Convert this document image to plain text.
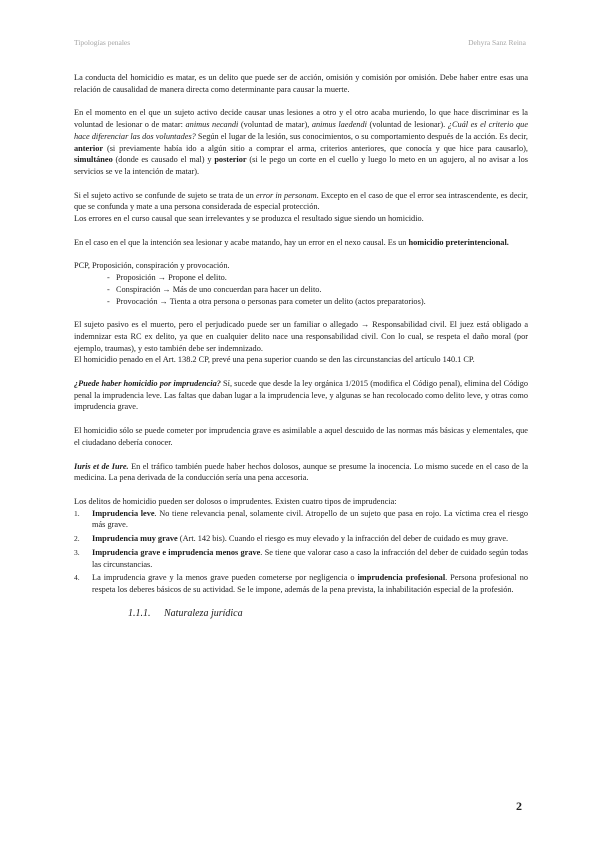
Tipologías penales	Dehyra Sanz Reina

La conducta del homicidio es matar, es un delito que puede ser de acción, omisión y comisión por omisión. Debe haber entre esas una relación de causalidad de manera directa como determinante para causar la muerte.

En el momento en el que un sujeto activo decide causar unas lesiones a otro y el otro acaba muriendo, lo que hace discriminar es la voluntad de lesionar o de matar: animus necandi (voluntad de matar), animus laedendi (voluntad de lesionar). ¿Cuál es el criterio que hace diferenciar las dos voluntades? Según el lugar de la lesión, sus conocimientos, o su comportamiento después de la acción. Es decir, anterior (si previamente había ido a algún sitio a comprar el arma, criterios anteriores, que conocía y que hice para causarlo), simultáneo (donde es causado el mal) y posterior (si le pego un corte en el cuello y luego lo meto en un agujero, al no avisar a los servicios se ve la intención de matar).

Si el sujeto activo se confunde de sujeto se trata de un error in personam. Excepto en el caso de que el error sea intrascendente, es decir, que se confunda y mate a una persona considerada de especial protección.

Los errores en el curso causal que sean irrelevantes y se produzca el resultado sigue siendo un homicidio.

En el caso en el que la intención sea lesionar y acabe matando, hay un error en el nexo causal. Es un homicidio preterintencional.

PCP, Proposición, conspiración y provocación.

- Proposición → Propone el delito.
- Conspiración → Más de uno concuerdan para hacer un delito.
- Provocación → Tienta a otra persona o personas para cometer un delito (actos preparatorios).

El sujeto pasivo es el muerto, pero el perjudicado puede ser un familiar o allegado → Responsabilidad civil. El juez está obligado a indemnizar esta RC ex delito, ya que en cualquier delito nace una responsabilidad civil. Con lo cual, se respeta el daño moral (por ejemplo, traumas), y esto también debe ser indemnizado.

El homicidio penado en el Art. 138.2 CP, prevé una pena superior cuando se den las circunstancias del artículo 140.1 CP.

¿Puede haber homicidio por imprudencia? Sí, sucede que desde la ley orgánica 1/2015 (modifica el Código penal), elimina del Código penal la imprudencia leve. Las faltas que daban lugar a la imprudencia leve, y algunas se han recolocado como delito leve, y otras como imprudencia grave.

El homicidio sólo se puede cometer por imprudencia grave es asimilable a aquel descuido de las normas más básicas y elementales, que el ciudadano debería conocer.

Iuris et de Iure. En el tráfico también puede haber hechos dolosos, aunque se presume la inocencia. Lo mismo sucede en el caso de la medicina. La pena derivada de la conducción sería una pena accesoria.

Los delitos de homicidio pueden ser dolosos o imprudentes. Existen cuatro tipos de imprudencia:

1. Imprudencia leve. No tiene relevancia penal, solamente civil. Atropello de un sujeto que pasa en rojo. La víctima crea el riesgo más grave.
2. Imprudencia muy grave (Art. 142 bis). Cuando el riesgo es muy elevado y la infracción del deber de cuidado es muy grave.
3. Imprudencia grave e imprudencia menos grave. Se tiene que valorar caso a caso la infracción del deber de cuidado según todas las circunstancias.
4. La imprudencia grave y la menos grave pueden cometerse por negligencia o imprudencia profesional. Persona profesional no respeta los deberes básicos de su actividad. Se le impone, además de la pena prevista, la inhabilitación especial de la profesión.
1.1.1. Naturaleza jurídica
2
